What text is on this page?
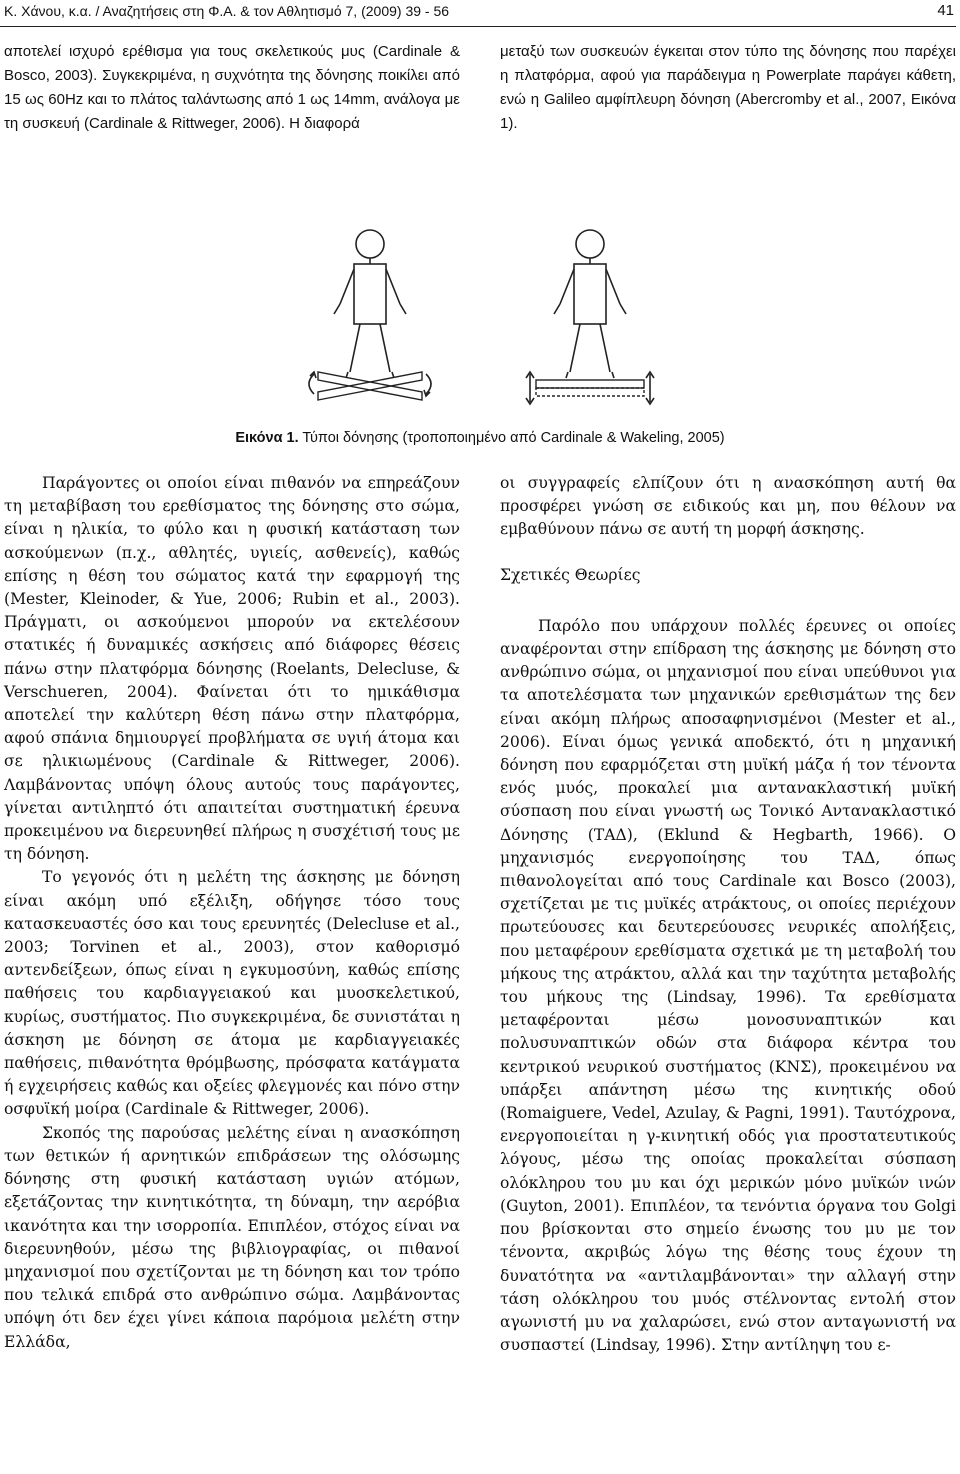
Κ. Χάνου, κ.α. / Αναζητήσεις στη Φ.Α. & τον Αθλητισμό 7, (2009) 39 - 56	41

αποτελεί ισχυρό ερέθισμα για τους σκελετικούς μυς (Cardinale & Bosco, 2003). Συγκεκριμένα, η συχνότητα της δόνησης ποικίλει από 15 ως 60Hz και το πλάτος ταλάντωσης από 1 ως 14mm, ανάλογα με τη συσκευή (Cardinale & Rittweger, 2006). Η διαφορά

μεταξύ των συσκευών έγκειται στον τύπο της δόνησης που παρέχει η πλατφόρμα, αφού για παράδειγμα η Powerplate παράγει κάθετη, ενώ η Galileo αμφίπλευρη δόνηση (Abercromby et al., 2007, Εικόνα 1).

Εικόνα 1. Τύποι δόνησης (τροποποιημένο από Cardinale & Wakeling, 2005)

Παράγοντες οι οποίοι είναι πιθανόν να επηρεάζουν τη μεταβίβαση του ερεθίσματος της δόνησης στο σώμα, είναι η ηλικία, το φύλο και η φυσική κατάσταση των ασκούμενων (π.χ., αθλητές, υγιείς, ασθενείς), καθώς επίσης η θέση του σώματος κατά την εφαρμογή της (Mester, Kleinoder, & Yue, 2006; Rubin et al., 2003). Πράγματι, οι ασκούμενοι μπορούν να εκτελέσουν στατικές ή δυναμικές ασκήσεις από διάφορες θέσεις πάνω στην πλατφόρμα δόνησης (Roelants, Delecluse, & Verschueren, 2004). Φαίνεται ότι το ημικάθισμα αποτελεί την καλύτερη θέση πάνω στην πλατφόρμα, αφού σπάνια δημιουργεί προβλήματα σε υγιή άτομα και σε ηλικιωμένους (Cardinale & Rittweger, 2006). Λαμβάνοντας υπόψη όλους αυτούς τους παράγοντες, γίνεται αντιληπτό ότι απαιτείται συστηματική έρευνα προκειμένου να διερευνηθεί πλήρως η συσχέτισή τους με τη δόνηση.

Το γεγονός ότι η μελέτη της άσκησης με δόνηση είναι ακόμη υπό εξέλιξη, οδήγησε τόσο τους κατασκευαστές όσο και τους ερευνητές (Delecluse et al., 2003; Torvinen et al., 2003), στον καθορισμό αντενδείξεων, όπως είναι η εγκυμοσύνη, καθώς επίσης παθήσεις του καρδιαγγειακού και μυοσκελετικού, κυρίως, συστήματος. Πιο συγκεκριμένα, δε συνιστάται η άσκηση με δόνηση σε άτομα με καρδιαγγειακές παθήσεις, πιθανότητα θρόμβωσης, πρόσφατα κατάγματα ή εγχειρήσεις καθώς και οξείες φλεγμονές και πόνο στην οσφυϊκή μοίρα (Cardinale & Rittweger, 2006).

Σκοπός της παρούσας μελέτης είναι η ανασκόπηση των θετικών ή αρνητικών επιδράσεων της ολόσωμης δόνησης στη φυσική κατάσταση υγιών ατόμων, εξετάζοντας την κινητικότητα, τη δύναμη, την αερόβια ικανότητα και την ισορροπία. Επιπλέον, στόχος είναι να διερευνηθούν, μέσω της βιβλιογραφίας, οι πιθανοί μηχανισμοί που σχετίζονται με τη δόνηση και τον τρόπο που τελικά επιδρά στο ανθρώπινο σώμα. Λαμβάνοντας υπόψη ότι δεν έχει γίνει κάποια παρόμοια μελέτη στην Ελλάδα,

οι συγγραφείς ελπίζουν ότι η ανασκόπηση αυτή θα προσφέρει γνώση σε ειδικούς και μη, που θέλουν να εμβαθύνουν πάνω σε αυτή τη μορφή άσκησης.

Σχετικές Θεωρίες

Παρόλο που υπάρχουν πολλές έρευνες οι οποίες αναφέρονται στην επίδραση της άσκησης με δόνηση στο ανθρώπινο σώμα, οι μηχανισμοί που είναι υπεύθυνοι για τα αποτελέσματα των μηχανικών ερεθισμάτων της δεν είναι ακόμη πλήρως αποσαφηνισμένοι (Mester et al., 2006). Είναι όμως γενικά αποδεκτό, ότι η μηχανική δόνηση που εφαρμόζεται στη μυϊκή μάζα ή τον τένοντα ενός μυός, προκαλεί μια αντανακλαστική μυϊκή σύσπαση που είναι γνωστή ως Τονικό Αντανακλαστικό Δόνησης (ΤΑΔ), (Eklund & Hegbarth, 1966). Ο μηχανισμός ενεργοποίησης του ΤΑΔ, όπως πιθανολογείται από τους Cardinale και Bosco (2003), σχετίζεται με τις μυϊκές ατράκτους, οι οποίες περιέχουν πρωτεύουσες και δευτερεύουσες νευρικές απολήξεις, που μεταφέρουν ερεθίσματα σχετικά με τη μεταβολή του μήκους της ατράκτου, αλλά και την ταχύτητα μεταβολής του μήκους της (Lindsay, 1996). Τα ερεθίσματα μεταφέρονται μέσω μονοσυναπτικών και πολυσυναπτικών οδών στα διάφορα κέντρα του κεντρικού νευρικού συστήματος (ΚΝΣ), προκειμένου να υπάρξει απάντηση μέσω της κινητικής οδού (Romaiguere, Vedel, Azulay, & Pagni, 1991). Ταυτόχρονα, ενεργοποιείται η γ-κινητική οδός για προστατευτικούς λόγους, μέσω της οποίας προκαλείται σύσπαση ολόκληρου του μυ και όχι μερικών μόνο μυϊκών ινών (Guyton, 2001). Επιπλέον, τα τενόντια όργανα του Golgi που βρίσκονται στο σημείο ένωσης του μυ με τον τένοντα, ακριβώς λόγω της θέσης τους έχουν τη δυνατότητα να «αντιλαμβάνονται» την αλλαγή στην τάση ολόκληρου του μυός στέλνοντας εντολή στον αγωνιστή μυ να χαλαρώσει, ενώ στον ανταγωνιστή να συσπαστεί (Lindsay, 1996). Στην αντίληψη του ε-
